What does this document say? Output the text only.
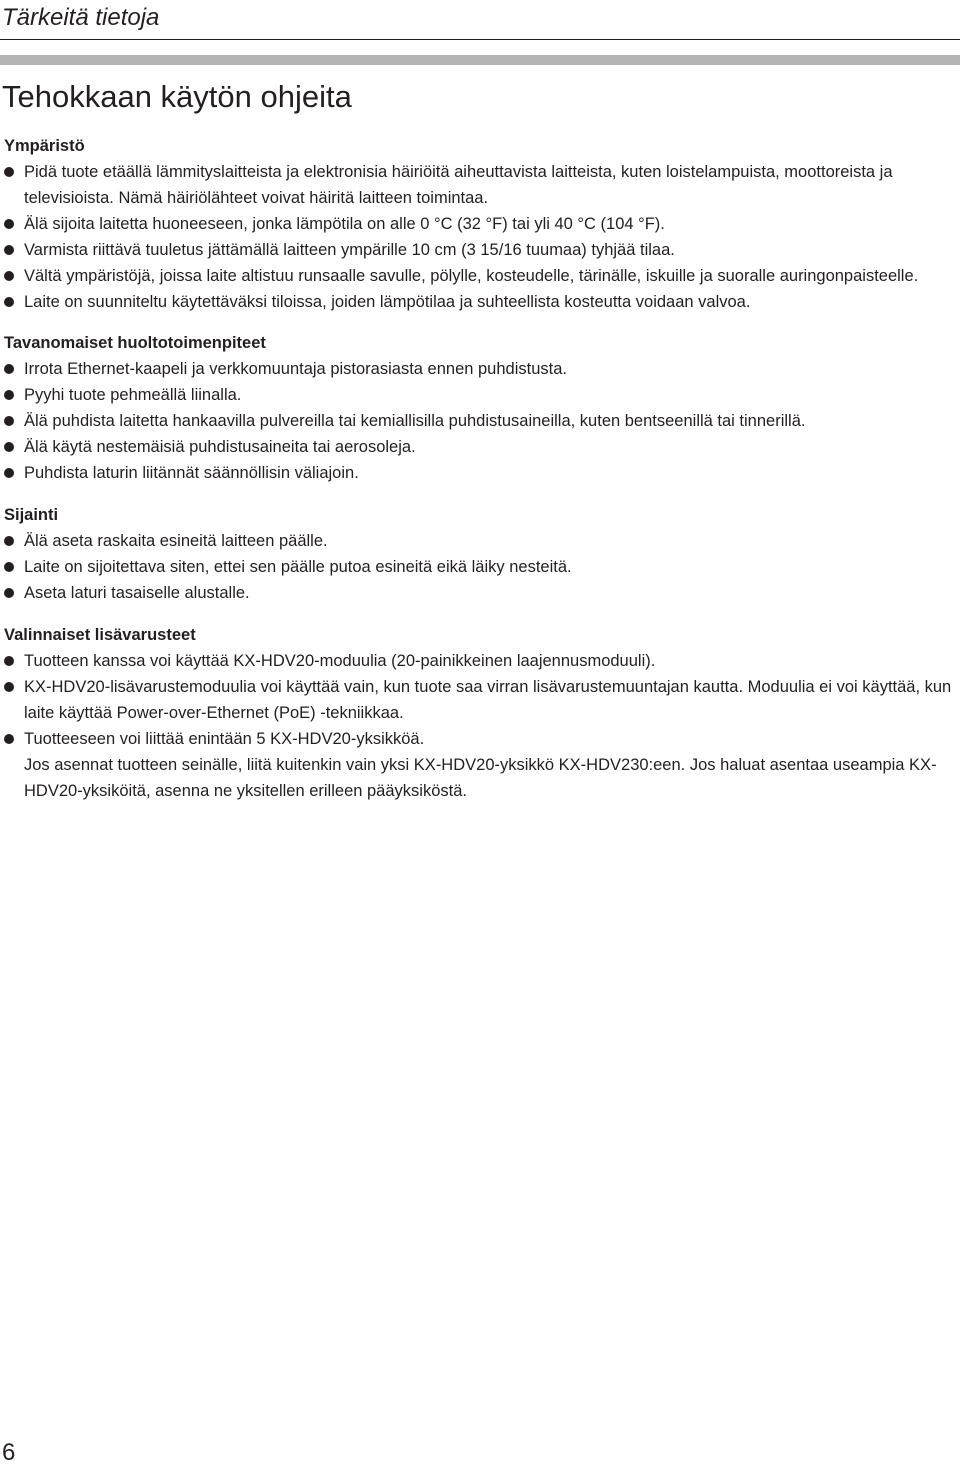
Tärkeitä tietoja
Tehokkaan käytön ohjeita
Ympäristö
Pidä tuote etäällä lämmityslaitteista ja elektronisia häiriöitä aiheuttavista laitteista, kuten loistelampuista, moottoreista ja televisioista. Nämä häiriölähteet voivat häiritä laitteen toimintaa.
Älä sijoita laitetta huoneeseen, jonka lämpötila on alle 0 °C (32 °F) tai yli 40 °C (104 °F).
Varmista riittävä tuuletus jättämällä laitteen ympärille 10 cm (3 15/16 tuumaa) tyhjää tilaa.
Vältä ympäristöjä, joissa laite altistuu runsaalle savulle, pölylle, kosteudelle, tärinälle, iskuille ja suoralle auringonpaisteelle.
Laite on suunniteltu käytettäväksi tiloissa, joiden lämpötilaa ja suhteellista kosteutta voidaan valvoa.
Tavanomaiset huoltotoimenpiteet
Irrota Ethernet-kaapeli ja verkkomuuntaja pistorasiasta ennen puhdistusta.
Pyyhi tuote pehmeällä liinalla.
Älä puhdista laitetta hankaavilla pulvereilla tai kemiallisilla puhdistusaineilla, kuten bentseenillä tai tinnerillä.
Älä käytä nestemäisiä puhdistusaineita tai aerosoleja.
Puhdista laturin liitännät säännöllisin väliajoin.
Sijainti
Älä aseta raskaita esineitä laitteen päälle.
Laite on sijoitettava siten, ettei sen päälle putoa esineitä eikä läiky nesteitä.
Aseta laturi tasaiselle alustalle.
Valinnaiset lisävarusteet
Tuotteen kanssa voi käyttää KX-HDV20-moduulia (20-painikkeinen laajennusmoduuli).
KX-HDV20-lisävarustemoduulia voi käyttää vain, kun tuote saa virran lisävarustemuuntajan kautta. Moduulia ei voi käyttää, kun laite käyttää Power-over-Ethernet (PoE) -tekniikkaa.
Tuotteeseen voi liittää enintään 5 KX-HDV20-yksikköä.
Jos asennat tuotteen seinälle, liitä kuitenkin vain yksi KX-HDV20-yksikkö KX-HDV230:een. Jos haluat asentaa useampia KX-HDV20-yksiköitä, asenna ne yksitellen erilleen pääyksiköstä.
6
